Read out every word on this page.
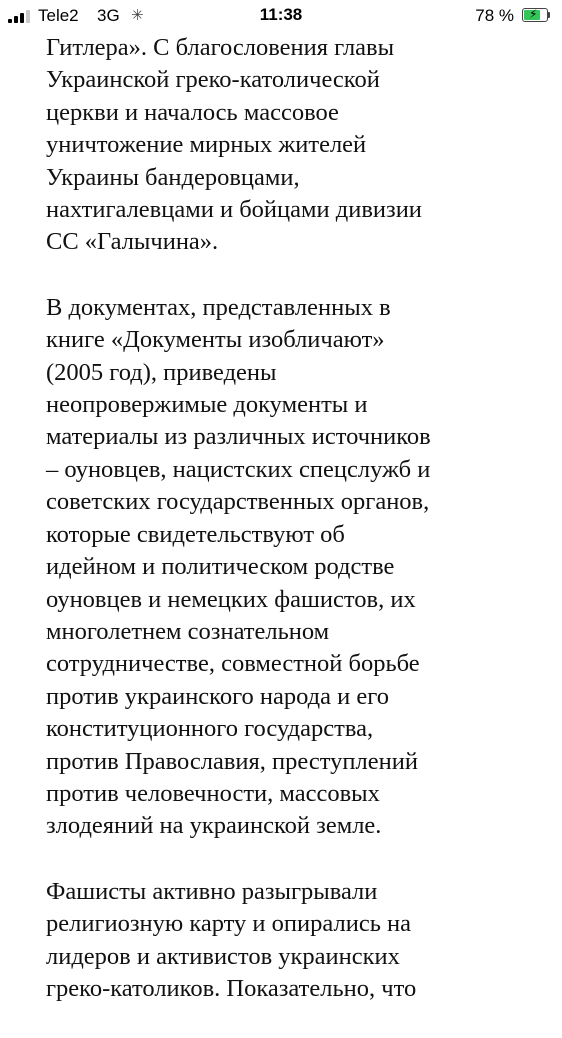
Tele2 3G ✳	11:38	78 % ⚡

Гитлера». С благословения главы
Украинской греко-католической
церкви и началось массовое
уничтожение мирных жителей
Украины бандеровцами,
нахтигалевцами и бойцами дивизии
СС «Галычина».

В документах, представленных в
книге «Документы изобличают»
(2005 год), приведены
неопровержимые документы и
материалы из различных источников
– оуновцев, нацистских спецслужб и
советских государственных органов,
которые свидетельствуют об
идейном и политическом родстве
оуновцев и немецких фашистов, их
многолетнем сознательном
сотрудничестве, совместной борьбе
против украинского народа и его
конституционного государства,
против Православия, преступлений
против человечности, массовых
злодеяний на украинской земле.

Фашисты активно разыгрывали
религиозную карту и опирались на
лидеров и активистов украинских
греко-католиков. Показательно, что
